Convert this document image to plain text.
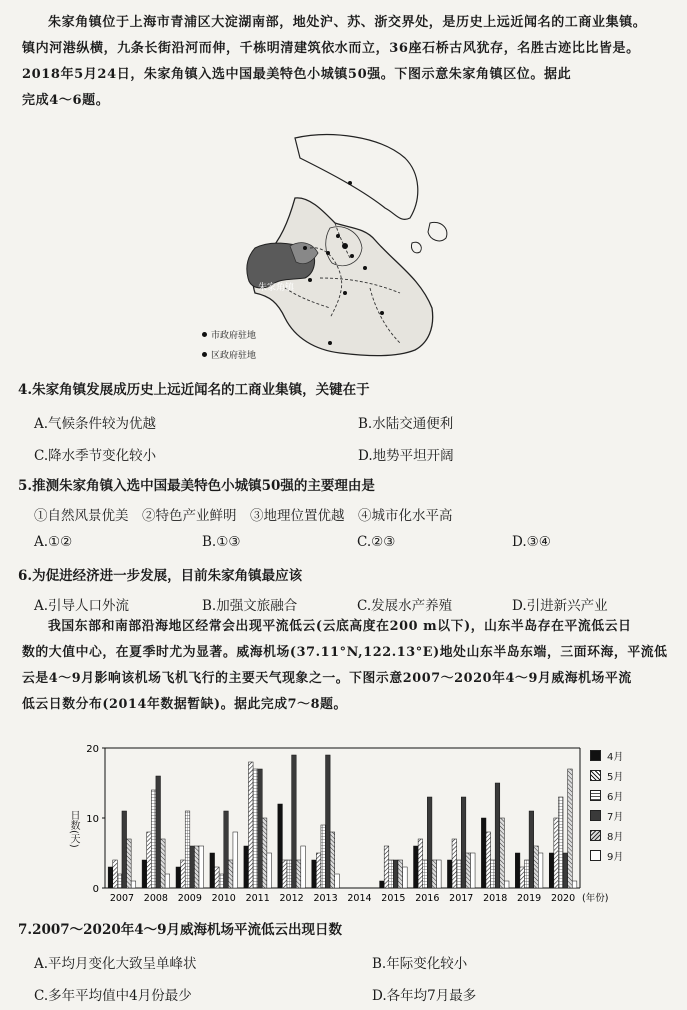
朱家角镇位于上海市青浦区大淀湖南部，地处沪、苏、浙交界处，是历史上远近闻名的工商业集镇。
镇内河港纵横，九条长街沿河而伸，千栋明清建筑依水而立，36座石桥古风犹存，名胜古迹比比皆是。
2018年5月24日，朱家角镇入选中国最美特色小城镇50强。下图示意朱家角镇区位。据此
完成4～6题。
朱家角镇
市政府驻地
区政府驻地
4.朱家角镇发展成历史上远近闻名的工商业集镇，关键在于
A.气候条件较为优越	B.水陆交通便利
C.降水季节变化较小	D.地势平坦开阔
5.推测朱家角镇入选中国最美特色小城镇50强的主要理由是
①自然风景优美　②特色产业鲜明　③地理位置优越　④城市化水平高
A.①②	B.①③	C.②③	D.③④
6.为促进经济进一步发展，目前朱家角镇最应该
A.引导人口外流	B.加强文旅融合	C.发展水产养殖	D.引进新兴产业
我国东部和南部沿海地区经常会出现平流低云(云底高度在200 m以下)，山东半岛存在平流低云日
数的大值中心，在夏季时尤为显著。威海机场(37.11°N,122.13°E)地处山东半岛东端，三面环海，平流低
云是4～9月影响该机场飞机飞行的主要天气现象之一。下图示意2007～2020年4～9月威海机场平流
低云日数分布(2014年数据暂缺)。据此完成7～8题。
0
10
20
2007 2008 2009 2010 2011 2012 2013 2014 2015 2016 2017 2018 2019 2020 (年份)
日数(天)
4月
5月
6月
7月
8月
9月
7.2007～2020年4～9月威海机场平流低云出现日数
A.平均月变化大致呈单峰状	B.年际变化较小
C.多年平均值中4月份最少	D.各年均7月最多
